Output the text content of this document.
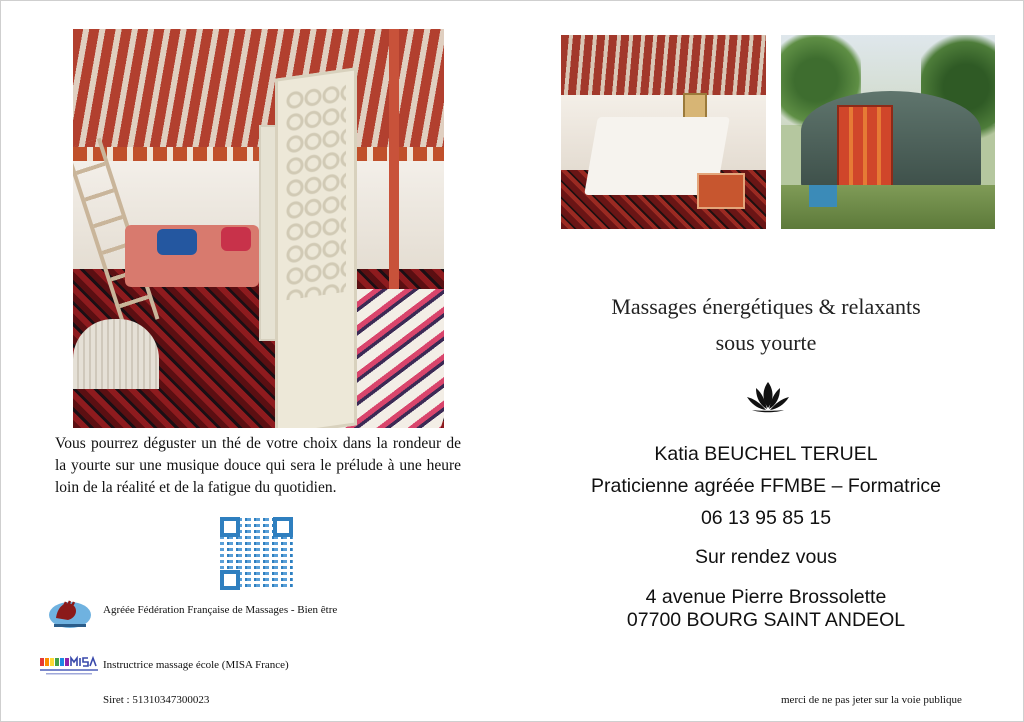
Vous pourrez déguster un thé de votre choix dans la rondeur de la yourte sur une musique douce qui sera le prélude à une heure loin de la réalité et de la fatigue du quotidien.

Agréée Fédération Française de Massages - Bien être
Instructrice massage école (MISA France)
Siret : 51310347300023	merci de ne pas jeter sur la voie publique
Massages énergétiques & relaxants
sous yourte
Katia BEUCHEL TERUEL
Praticienne agréée FFMBE – Formatrice
06 13 95 85 15
Sur rendez vous
4 avenue Pierre Brossolette
07700 BOURG SAINT ANDEOL
